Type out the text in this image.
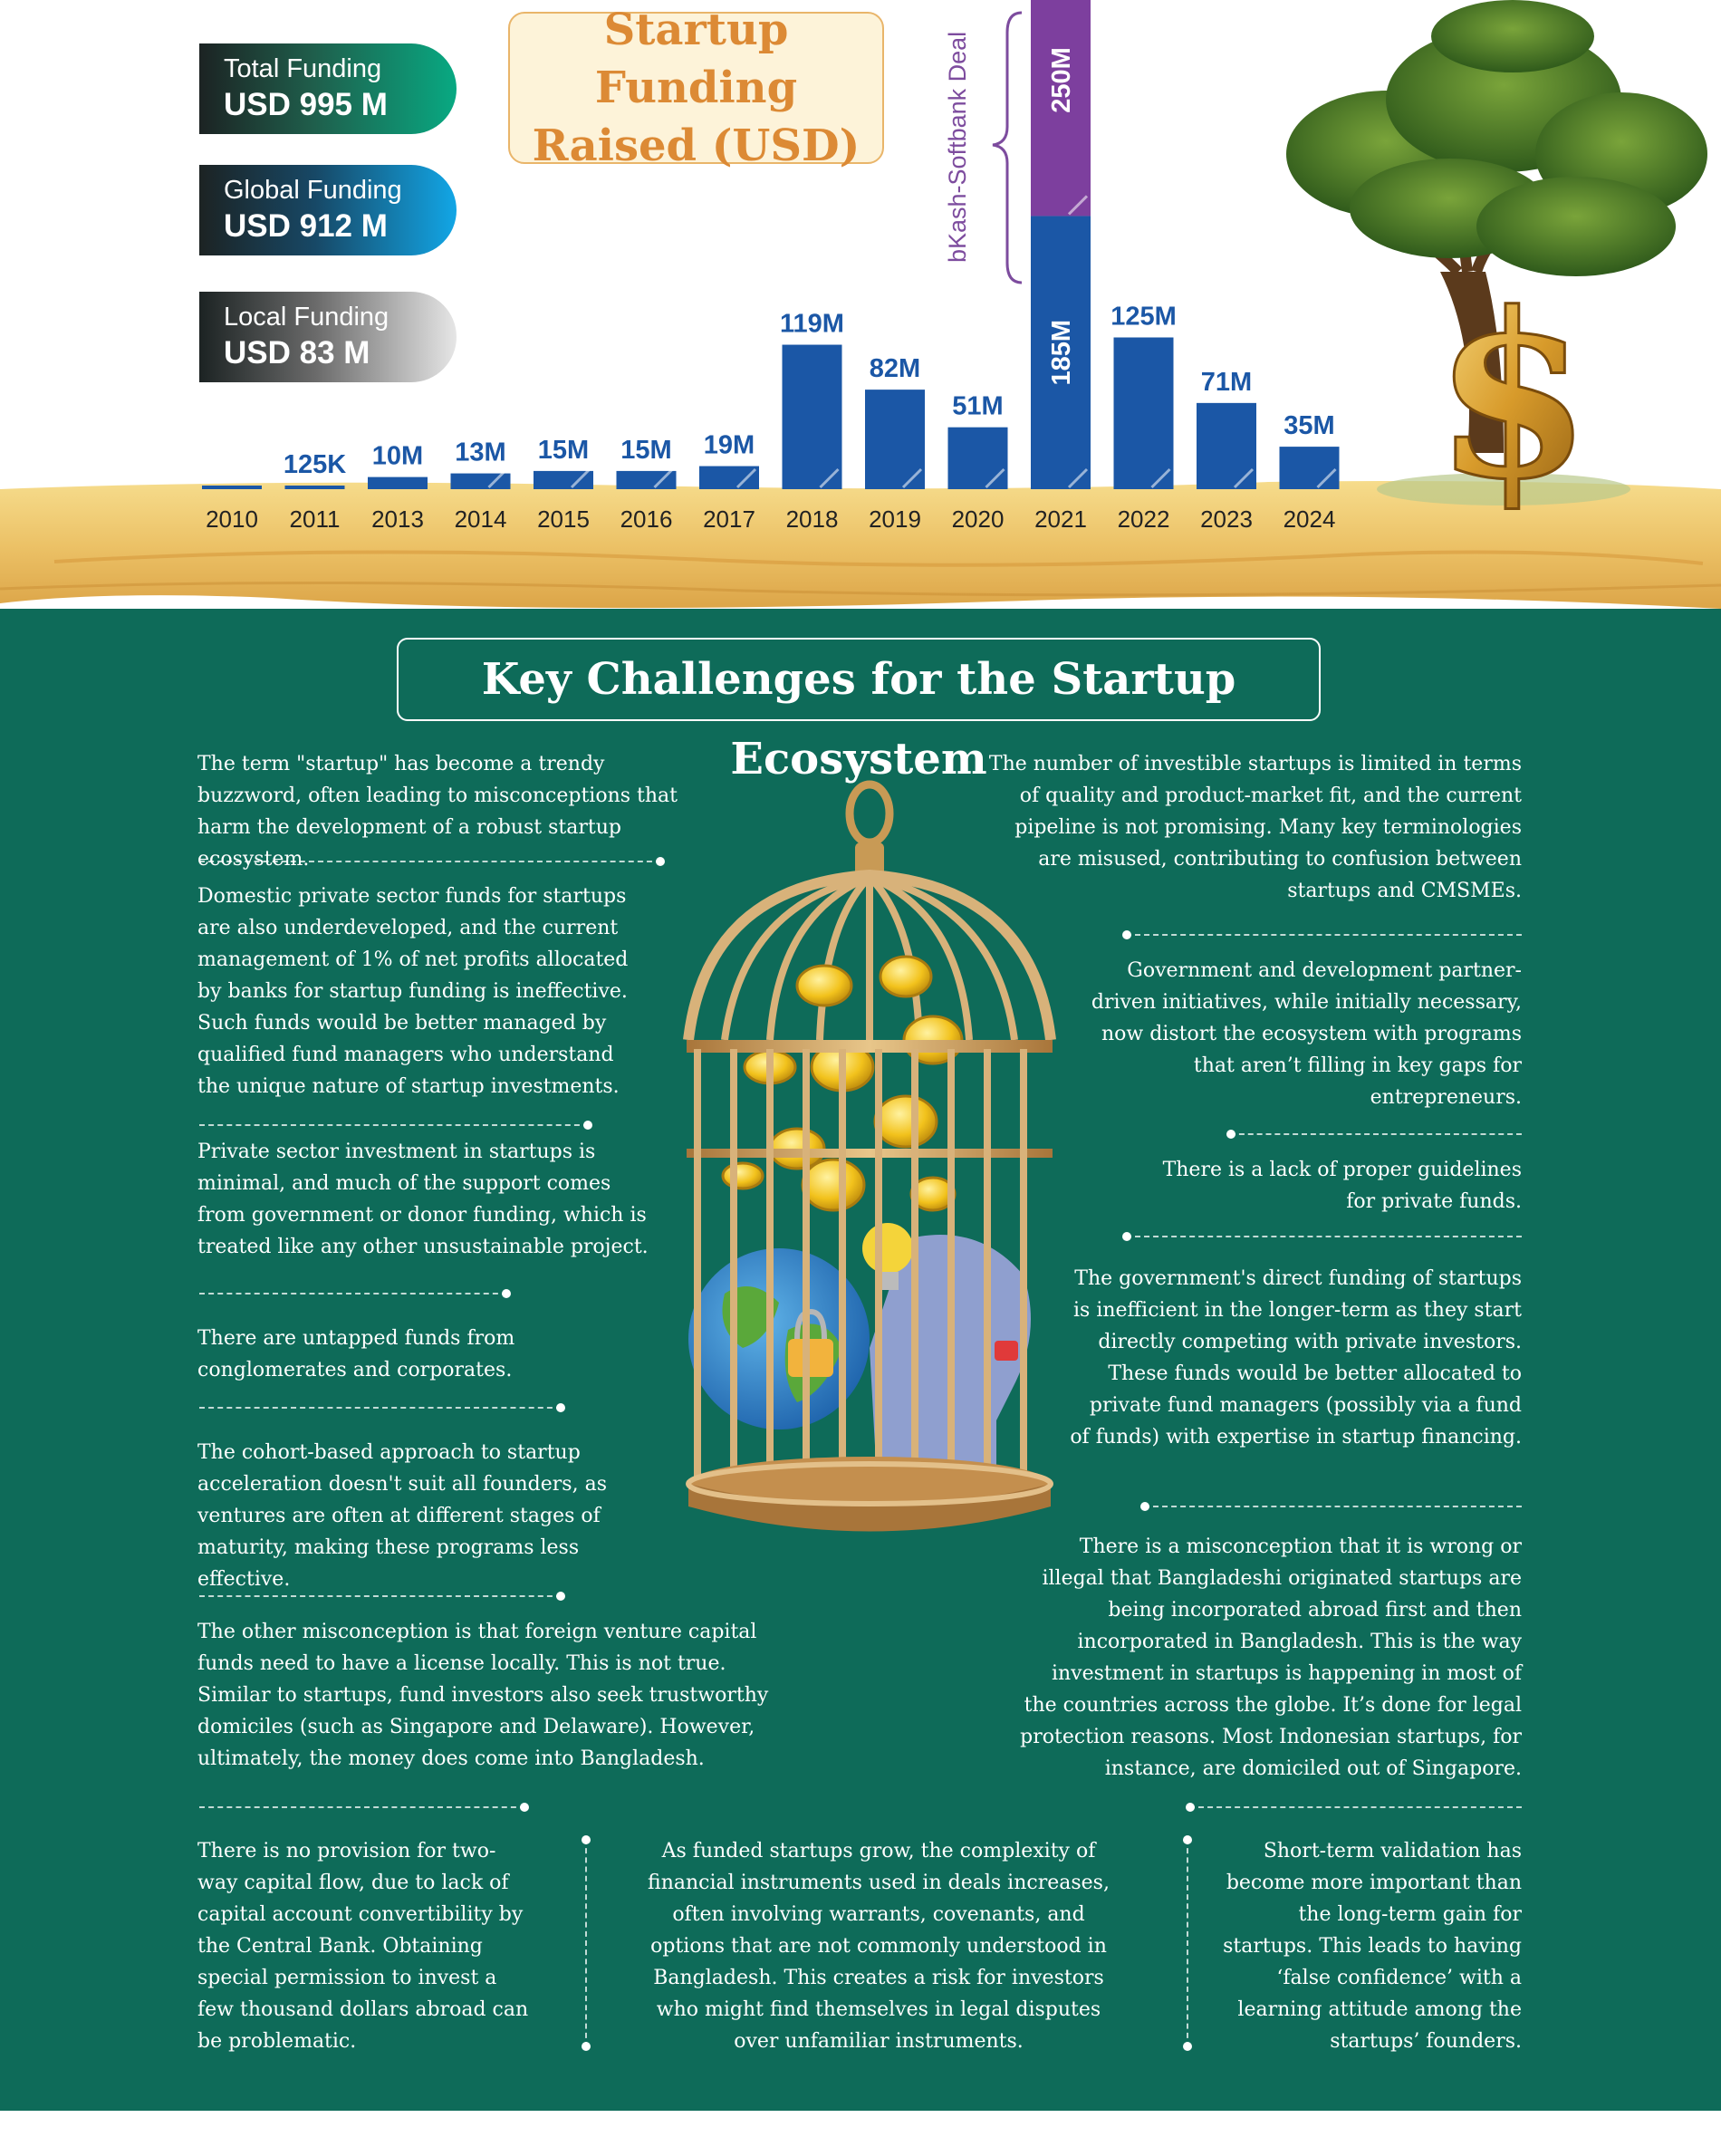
$
bKash-Softbank Deal
2010 2011
125K
2013
10M
2014
13M
2015
15M
2016
15M
2017
19M
2018
119M
2019
82M
2020
51M
2021
185M
250M
2022
125M
2023
71M
2024
35M
Total Funding
USD 995 M
Global Funding
USD 912 M
Local Funding
USD 83 M
Startup Funding
Raised (USD)
Key Challenges for the Startup Ecosystem

The term "startup" has become a trendy buzzword, often leading to misconceptions that harm the development of a robust startup ecosystem.

Domestic private sector funds for startups are also underdeveloped, and the current management of 1% of net profits allocated by banks for startup funding is ineffective. Such funds would be better managed by qualified fund managers who understand the unique nature of startup investments.

Private sector investment in startups is minimal, and much of the support comes from government or donor funding, which is treated like any other unsustainable project.

There are untapped funds from conglomerates and corporates.

The cohort-based approach to startup acceleration doesn't suit all founders, as ventures are often at different stages of maturity, making these programs less effective.

The other misconception is that foreign venture capital funds need to have a license locally. This is not true. Similar to startups, fund investors also seek trustworthy domiciles (such as Singapore and Delaware). However, ultimately, the money does come into Bangladesh.

The number of investible startups is limited in terms of quality and product-market fit, and the current pipeline is not promising. Many key terminologies are misused, contributing to confusion between startups and CMSMEs.

Government and development partner-driven initiatives, while initially necessary, now distort the ecosystem with programs that aren’t filling in key gaps for entrepreneurs.

There is a lack of proper guidelines for private funds.

The government's direct funding of startups is inefficient in the longer-term as they start directly competing with private investors. These funds would be better allocated to private fund managers (possibly via a fund of funds) with expertise in startup financing.

There is a misconception that it is wrong or illegal that Bangladeshi originated startups are being incorporated abroad first and then incorporated in Bangladesh. This is the way investment in startups is happening in most of the countries across the globe. It’s done for legal protection reasons. Most Indonesian startups, for instance, are domiciled out of Singapore.

There is no provision for two-way capital flow, due to lack of capital account convertibility by the Central Bank. Obtaining special permission to invest a few thousand dollars abroad can be problematic.

As funded startups grow, the complexity of financial instruments used in deals increases, often involving warrants, covenants, and options that are not commonly understood in Bangladesh. This creates a risk for investors who might find themselves in legal disputes over unfamiliar instruments.

Short-term validation has become more important than the long-term gain for startups. This leads to having ‘false confidence’ with a learning attitude among the startups’ founders.
